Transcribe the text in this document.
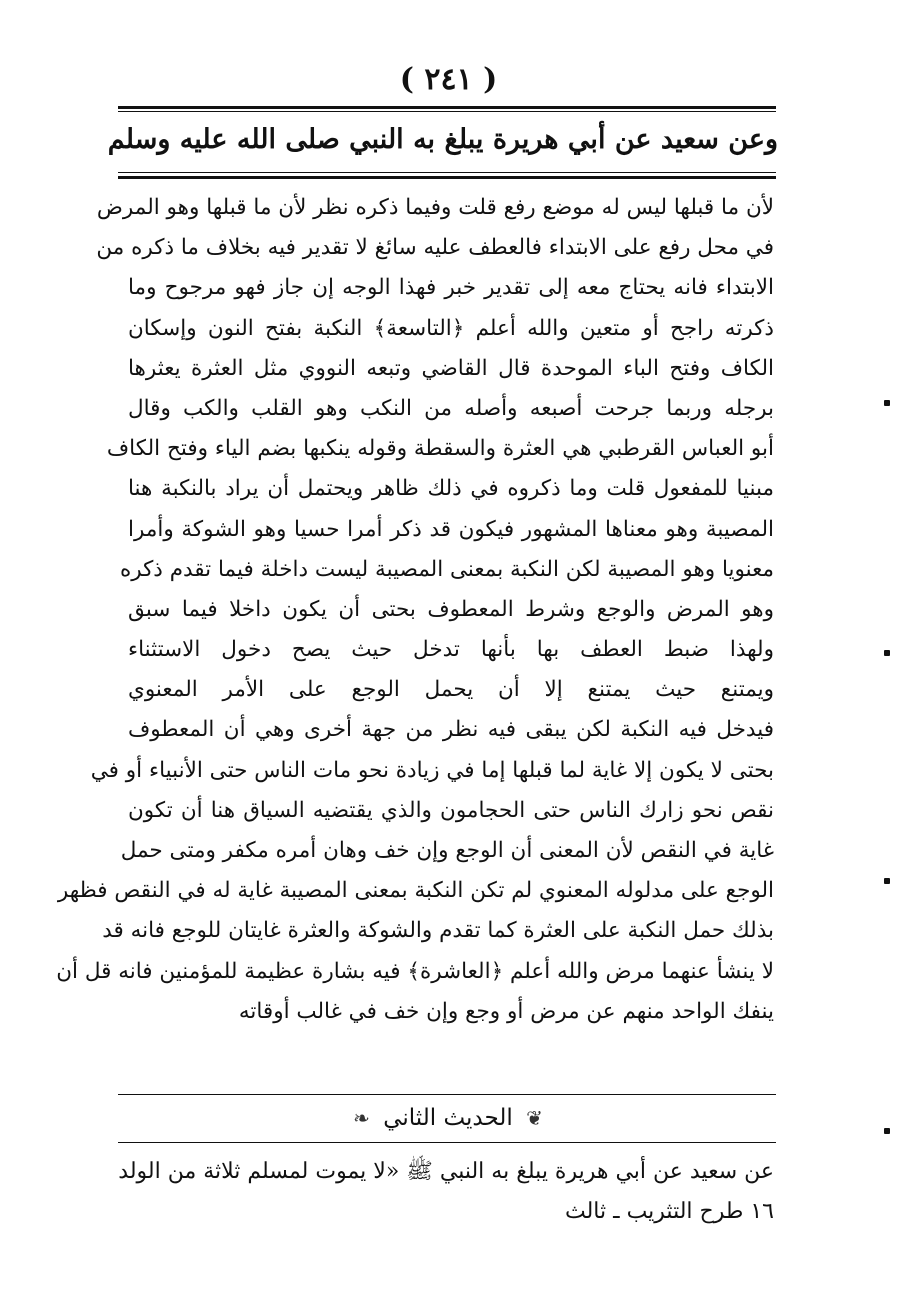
( ٢٤١ )
وعن سعيد عن أبي هريرة يبلغ به النبي صلى الله عليه وسلم
لأن ما قبلها ليس له موضع رفع قلت وفيما ذكره نظر لأن ما قبلها وهو المرض
في محل رفع على الابتداء فالعطف عليه سائغ لا تقدير فيه بخلاف ما ذكره من
الابتداء فانه يحتاج معه إلى تقدير خبر فهذا الوجه إن جاز فهو مرجوح وما
ذكرته راجح أو متعين والله أعلم ﴿التاسعة﴾ النكبة بفتح النون وإسكان
الكاف وفتح الباء الموحدة قال القاضي وتبعه النووي مثل العثرة يعثرها
برجله وربما جرحت أصبعه وأصله من النكب وهو القلب والكب وقال
أبو العباس القرطبي هي العثرة والسقطة وقوله ينكبها بضم الياء وفتح الكاف
مبنيا للمفعول قلت وما ذكروه في ذلك ظاهر ويحتمل أن يراد بالنكبة هنا
المصيبة وهو معناها المشهور فيكون قد ذكر أمرا حسيا وهو الشوكة وأمرا
معنويا وهو المصيبة لكن النكبة بمعنى المصيبة ليست داخلة فيما تقدم ذكره
وهو المرض والوجع وشرط المعطوف بحتى أن يكون داخلا فيما سبق
ولهذا ضبط العطف بها بأنها تدخل حيث يصح دخول الاستثناء
ويمتنع حيث يمتنع إلا أن يحمل الوجع على الأمر المعنوي
فيدخل فيه النكبة لكن يبقى فيه نظر من جهة أخرى وهي أن المعطوف
بحتى لا يكون إلا غاية لما قبلها إما في زيادة نحو مات الناس حتى الأنبياء أو في
نقص نحو زارك الناس حتى الحجامون والذي يقتضيه السياق هنا أن تكون
غاية في النقص لأن المعنى أن الوجع وإن خف وهان أمره مكفر ومتى حمل
الوجع على مدلوله المعنوي لم تكن النكبة بمعنى المصيبة غاية له في النقص فظهر
بذلك حمل النكبة على العثرة كما تقدم والشوكة والعثرة غايتان للوجع فانه قد
لا ينشأ عنهما مرض والله أعلم ﴿العاشرة﴾ فيه بشارة عظيمة للمؤمنين فانه قل أن
ينفك الواحد منهم عن مرض أو وجع وإن خف في غالب أوقاته
❦ الحديث الثاني ❧
عن سعيد عن أبي هريرة يبلغ به النبي ﷺ «لا يموت لمسلم ثلاثة من الولد
١٦ طرح التثريب ـ ثالث
